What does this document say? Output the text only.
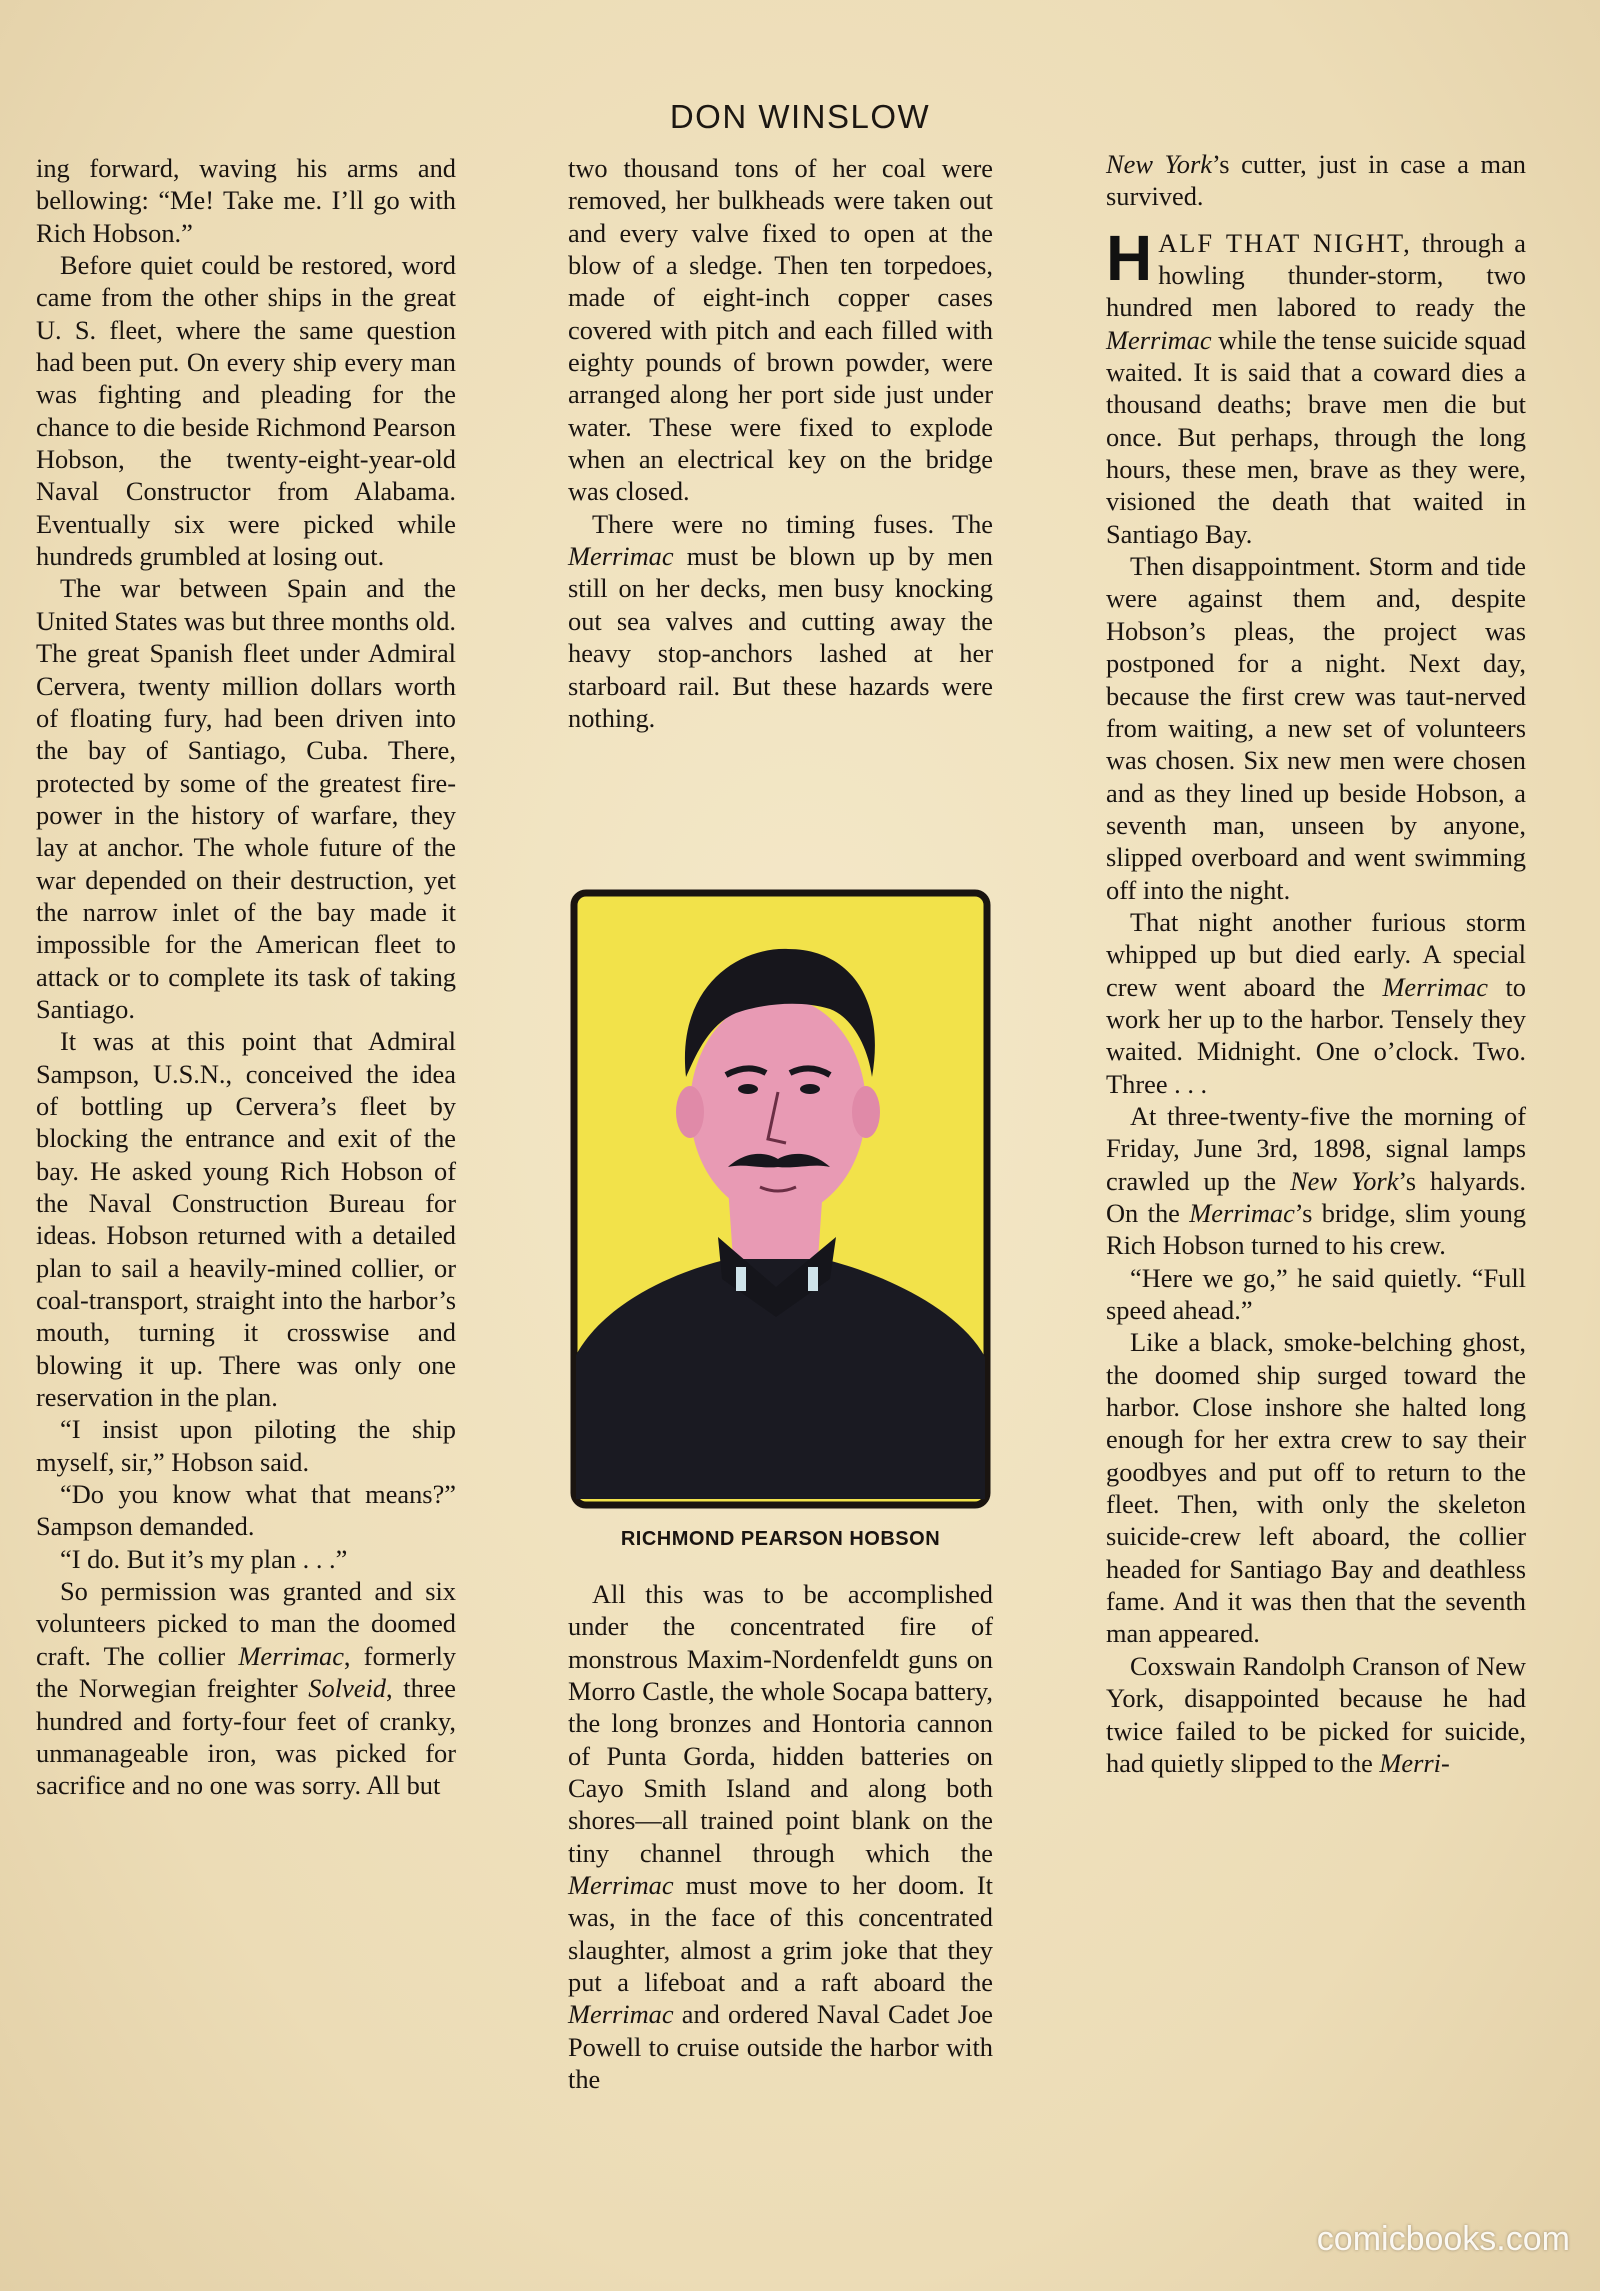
DON WINSLOW

ing forward, waving his arms and bellowing: “Me! Take me. I’ll go with Rich Hobson.”

Before quiet could be restored, word came from the other ships in the great U. S. fleet, where the same question had been put. On every ship every man was fighting and pleading for the chance to die beside Richmond Pearson Hobson, the twenty-eight-year-old Naval Constructor from Alabama. Eventually six were picked while hundreds grumbled at losing out.

The war between Spain and the United States was but three months old. The great Spanish fleet under Admiral Cervera, twenty million dollars worth of floating fury, had been driven into the bay of Santiago, Cuba. There, protected by some of the greatest fire-power in the history of warfare, they lay at anchor. The whole future of the war depended on their destruction, yet the narrow inlet of the bay made it impossible for the American fleet to attack or to complete its task of taking Santiago.

It was at this point that Admiral Sampson, U.S.N., conceived the idea of bottling up Cervera’s fleet by blocking the entrance and exit of the bay. He asked young Rich Hobson of the Naval Construction Bureau for ideas. Hobson returned with a detailed plan to sail a heavily-mined collier, or coal-transport, straight into the harbor’s mouth, turning it crosswise and blowing it up. There was only one reservation in the plan.

“I insist upon piloting the ship myself, sir,” Hobson said.

“Do you know what that means?” Sampson demanded.

“I do. But it’s my plan . . .”

So permission was granted and six volunteers picked to man the doomed craft. The collier Merrimac, formerly the Norwegian freighter Solveid, three hundred and forty-four feet of cranky, unmanageable iron, was picked for sacrifice and no one was sorry. All but

two thousand tons of her coal were removed, her bulkheads were taken out and every valve fixed to open at the blow of a sledge. Then ten torpedoes, made of eight-inch copper cases covered with pitch and each filled with eighty pounds of brown powder, were arranged along her port side just under water. These were fixed to explode when an electrical key on the bridge was closed.

There were no timing fuses. The Merrimac must be blown up by men still on her decks, men busy knocking out sea valves and cutting away the heavy stop-anchors lashed at her starboard rail. But these hazards were nothing.

RICHMOND PEARSON HOBSON

All this was to be accomplished under the concentrated fire of monstrous Maxim-Nordenfeldt guns on Morro Castle, the whole Socapa battery, the long bronzes and Hontoria cannon of Punta Gorda, hidden batteries on Cayo Smith Island and along both shores—all trained point blank on the tiny channel through which the Merrimac must move to her doom. It was, in the face of this concentrated slaughter, almost a grim joke that they put a lifeboat and a raft aboard the Merrimac and ordered Naval Cadet Joe Powell to cruise outside the harbor with the

New York’s cutter, just in case a man survived.

HALF THAT NIGHT, through a howling thunder-storm, two hundred men labored to ready the Merrimac while the tense suicide squad waited. It is said that a coward dies a thousand deaths; brave men die but once. But perhaps, through the long hours, these men, brave as they were, visioned the death that waited in Santiago Bay.

Then disappointment. Storm and tide were against them and, despite Hobson’s pleas, the project was postponed for a night. Next day, because the first crew was taut-nerved from waiting, a new set of volunteers was chosen. Six new men were chosen and as they lined up beside Hobson, a seventh man, unseen by anyone, slipped overboard and went swimming off into the night.

That night another furious storm whipped up but died early. A special crew went aboard the Merrimac to work her up to the harbor. Tensely they waited. Midnight. One o’clock. Two. Three . . .

At three-twenty-five the morning of Friday, June 3rd, 1898, signal lamps crawled up the New York’s halyards. On the Merrimac’s bridge, slim young Rich Hobson turned to his crew.

“Here we go,” he said quietly. “Full speed ahead.”

Like a black, smoke-belching ghost, the doomed ship surged toward the harbor. Close inshore she halted long enough for her extra crew to say their goodbyes and put off to return to the fleet. Then, with only the skeleton suicide-crew left aboard, the collier headed for Santiago Bay and deathless fame. And it was then that the seventh man appeared.

Coxswain Randolph Cranson of New York, disappointed because he had twice failed to be picked for suicide, had quietly slipped to the Merri-

comicbooks.com
